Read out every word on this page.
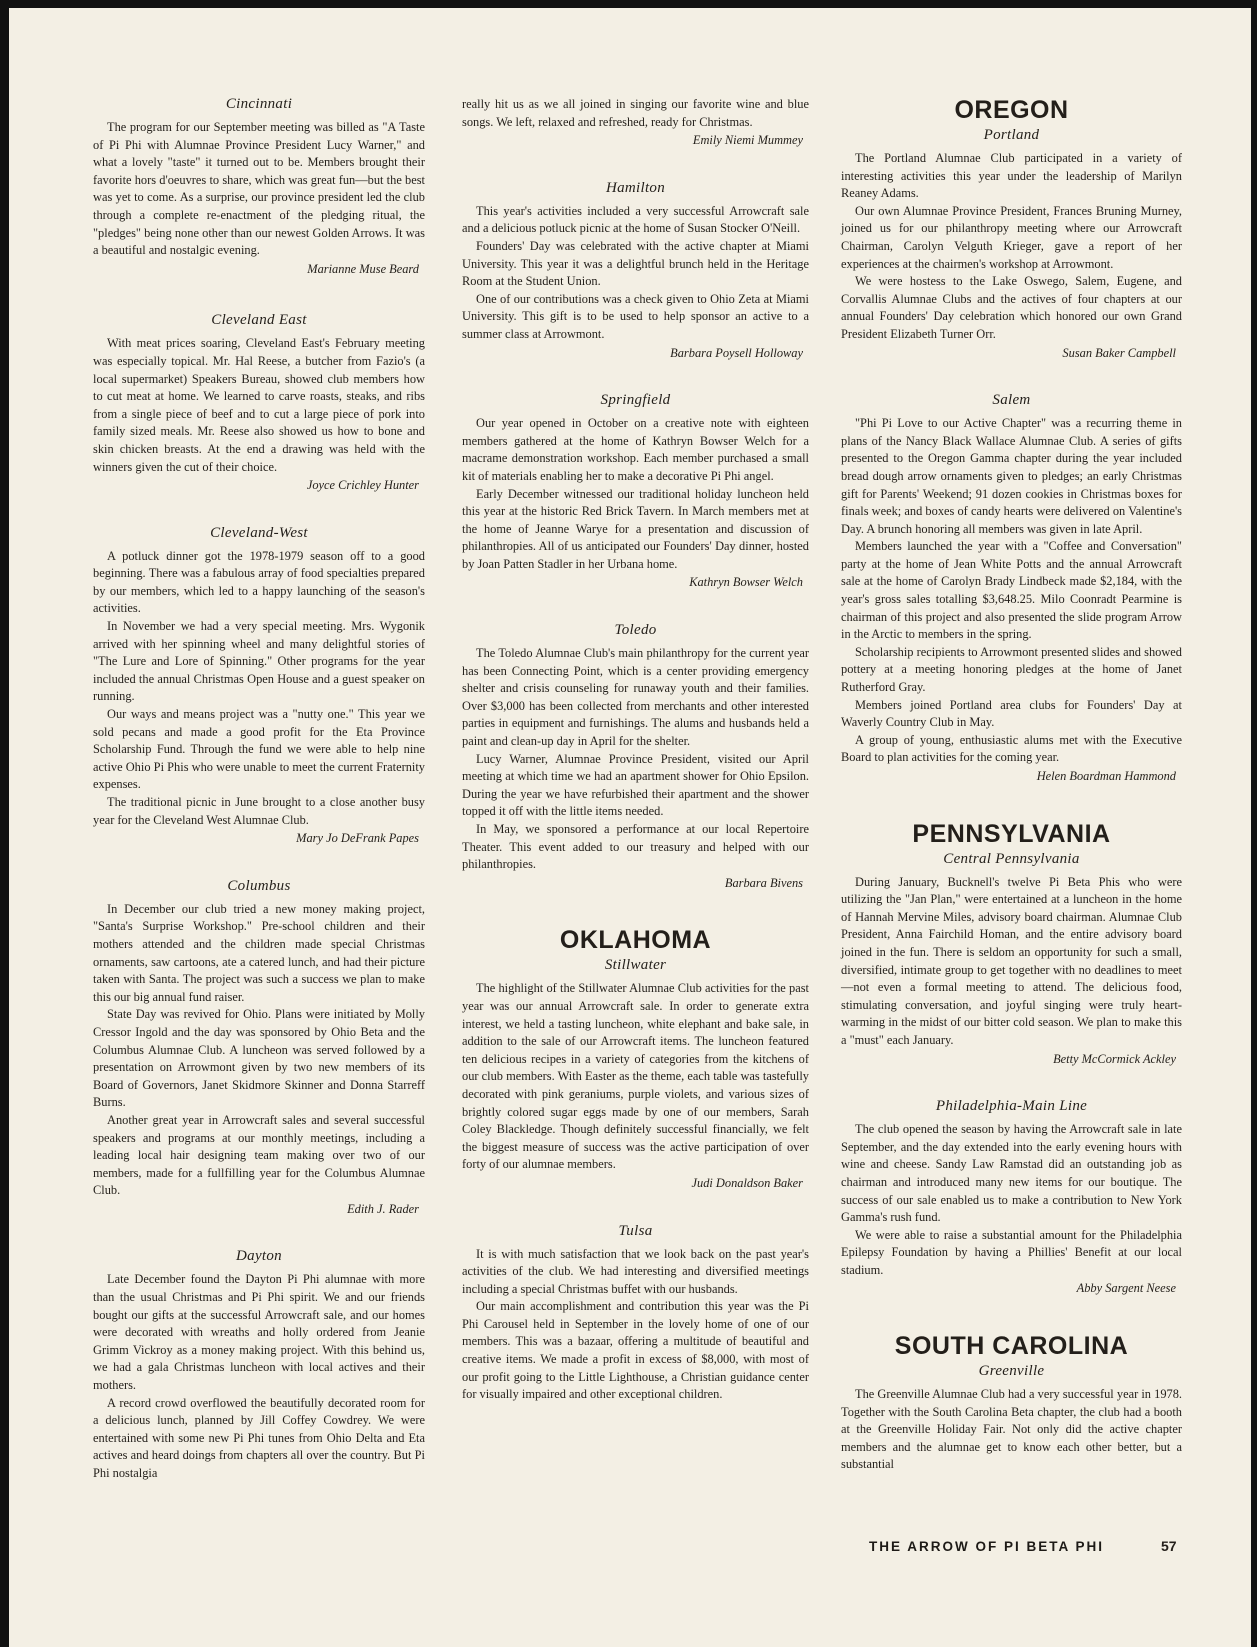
Cincinnati

The program for our September meeting was billed as "A Taste of Pi Phi with Alumnae Province President Lucy Warner," and what a lovely "taste" it turned out to be. Members brought their favorite hors d'oeuvres to share, which was great fun—but the best was yet to come. As a surprise, our province president led the club through a complete re-enactment of the pledging ritual, the "pledges" being none other than our newest Golden Arrows. It was a beautiful and nostalgic evening.

Marianne Muse Beard
Cleveland East

With meat prices soaring, Cleveland East's February meeting was especially topical. Mr. Hal Reese, a butcher from Fazio's (a local supermarket) Speakers Bureau, showed club members how to cut meat at home. We learned to carve roasts, steaks, and ribs from a single piece of beef and to cut a large piece of pork into family sized meals. Mr. Reese also showed us how to bone and skin chicken breasts. At the end a drawing was held with the winners given the cut of their choice.

Joyce Crichley Hunter
Cleveland-West

A potluck dinner got the 1978-1979 season off to a good beginning. There was a fabulous array of food specialties prepared by our members, which led to a happy launching of the season's activities.

In November we had a very special meeting. Mrs. Wygonik arrived with her spinning wheel and many delightful stories of "The Lure and Lore of Spinning." Other programs for the year included the annual Christmas Open House and a guest speaker on running.

Our ways and means project was a "nutty one." This year we sold pecans and made a good profit for the Eta Province Scholarship Fund. Through the fund we were able to help nine active Ohio Pi Phis who were unable to meet the current Fraternity expenses.

The traditional picnic in June brought to a close another busy year for the Cleveland West Alumnae Club.

Mary Jo DeFrank Papes
Columbus

In December our club tried a new money making project, "Santa's Surprise Workshop." Pre-school children and their mothers attended and the children made special Christmas ornaments, saw cartoons, ate a catered lunch, and had their picture taken with Santa. The project was such a success we plan to make this our big annual fund raiser.

State Day was revived for Ohio. Plans were initiated by Molly Cressor Ingold and the day was sponsored by Ohio Beta and the Columbus Alumnae Club. A luncheon was served followed by a presentation on Arrowmont given by two new members of its Board of Governors, Janet Skidmore Skinner and Donna Starreff Burns.

Another great year in Arrowcraft sales and several successful speakers and programs at our monthly meetings, including a leading local hair designing team making over two of our members, made for a fullfilling year for the Columbus Alumnae Club.

Edith J. Rader
Dayton

Late December found the Dayton Pi Phi alumnae with more than the usual Christmas and Pi Phi spirit. We and our friends bought our gifts at the successful Arrowcraft sale, and our homes were decorated with wreaths and holly ordered from Jeanie Grimm Vickroy as a money making project. With this behind us, we had a gala Christmas luncheon with local actives and their mothers.

A record crowd overflowed the beautifully decorated room for a delicious lunch, planned by Jill Coffey Cowdrey. We were entertained with some new Pi Phi tunes from Ohio Delta and Eta actives and heard doings from chapters all over the country. But Pi Phi nostalgia

really hit us as we all joined in singing our favorite wine and blue songs. We left, relaxed and refreshed, ready for Christmas.

Emily Niemi Mummey
Hamilton

This year's activities included a very successful Arrowcraft sale and a delicious potluck picnic at the home of Susan Stocker O'Neill.

Founders' Day was celebrated with the active chapter at Miami University. This year it was a delightful brunch held in the Heritage Room at the Student Union.

One of our contributions was a check given to Ohio Zeta at Miami University. This gift is to be used to help sponsor an active to a summer class at Arrowmont.

Barbara Poysell Holloway
Springfield

Our year opened in October on a creative note with eighteen members gathered at the home of Kathryn Bowser Welch for a macrame demonstration workshop. Each member purchased a small kit of materials enabling her to make a decorative Pi Phi angel.

Early December witnessed our traditional holiday luncheon held this year at the historic Red Brick Tavern. In March members met at the home of Jeanne Warye for a presentation and discussion of philanthropies. All of us anticipated our Founders' Day dinner, hosted by Joan Patten Stadler in her Urbana home.

Kathryn Bowser Welch
Toledo

The Toledo Alumnae Club's main philanthropy for the current year has been Connecting Point, which is a center providing emergency shelter and crisis counseling for runaway youth and their families. Over $3,000 has been collected from merchants and other interested parties in equipment and furnishings. The alums and husbands held a paint and clean-up day in April for the shelter.

Lucy Warner, Alumnae Province President, visited our April meeting at which time we had an apartment shower for Ohio Epsilon. During the year we have refurbished their apartment and the shower topped it off with the little items needed.

In May, we sponsored a performance at our local Repertoire Theater. This event added to our treasury and helped with our philanthropies.

Barbara Bivens
OKLAHOMA
Stillwater

The highlight of the Stillwater Alumnae Club activities for the past year was our annual Arrowcraft sale. In order to generate extra interest, we held a tasting luncheon, white elephant and bake sale, in addition to the sale of our Arrowcraft items. The luncheon featured ten delicious recipes in a variety of categories from the kitchens of our club members. With Easter as the theme, each table was tastefully decorated with pink geraniums, purple violets, and various sizes of brightly colored sugar eggs made by one of our members, Sarah Coley Blackledge. Though definitely successful financially, we felt the biggest measure of success was the active participation of over forty of our alumnae members.

Judi Donaldson Baker
Tulsa

It is with much satisfaction that we look back on the past year's activities of the club. We had interesting and diversified meetings including a special Christmas buffet with our husbands.

Our main accomplishment and contribution this year was the Pi Phi Carousel held in September in the lovely home of one of our members. This was a bazaar, offering a multitude of beautiful and creative items. We made a profit in excess of $8,000, with most of our profit going to the Little Lighthouse, a Christian guidance center for visually impaired and other exceptional children.

OREGON
Portland

The Portland Alumnae Club participated in a variety of interesting activities this year under the leadership of Marilyn Reaney Adams.

Our own Alumnae Province President, Frances Bruning Murney, joined us for our philanthropy meeting where our Arrowcraft Chairman, Carolyn Velguth Krieger, gave a report of her experiences at the chairmen's workshop at Arrowmont.

We were hostess to the Lake Oswego, Salem, Eugene, and Corvallis Alumnae Clubs and the actives of four chapters at our annual Founders' Day celebration which honored our own Grand President Elizabeth Turner Orr.

Susan Baker Campbell
Salem

"Phi Pi Love to our Active Chapter" was a recurring theme in plans of the Nancy Black Wallace Alumnae Club. A series of gifts presented to the Oregon Gamma chapter during the year included bread dough arrow ornaments given to pledges; an early Christmas gift for Parents' Weekend; 91 dozen cookies in Christmas boxes for finals week; and boxes of candy hearts were delivered on Valentine's Day. A brunch honoring all members was given in late April.

Members launched the year with a "Coffee and Conversation" party at the home of Jean White Potts and the annual Arrowcraft sale at the home of Carolyn Brady Lindbeck made $2,184, with the year's gross sales totalling $3,648.25. Milo Coonradt Pearmine is chairman of this project and also presented the slide program Arrow in the Arctic to members in the spring.

Scholarship recipients to Arrowmont presented slides and showed pottery at a meeting honoring pledges at the home of Janet Rutherford Gray.

Members joined Portland area clubs for Founders' Day at Waverly Country Club in May.

A group of young, enthusiastic alums met with the Executive Board to plan activities for the coming year.

Helen Boardman Hammond
PENNSYLVANIA
Central Pennsylvania

During January, Bucknell's twelve Pi Beta Phis who were utilizing the "Jan Plan," were entertained at a luncheon in the home of Hannah Mervine Miles, advisory board chairman. Alumnae Club President, Anna Fairchild Homan, and the entire advisory board joined in the fun. There is seldom an opportunity for such a small, diversified, intimate group to get together with no deadlines to meet—not even a formal meeting to attend. The delicious food, stimulating conversation, and joyful singing were truly heart-warming in the midst of our bitter cold season. We plan to make this a "must" each January.

Betty McCormick Ackley
Philadelphia-Main Line

The club opened the season by having the Arrowcraft sale in late September, and the day extended into the early evening hours with wine and cheese. Sandy Law Ramstad did an outstanding job as chairman and introduced many new items for our boutique. The success of our sale enabled us to make a contribution to New York Gamma's rush fund.

We were able to raise a substantial amount for the Philadelphia Epilepsy Foundation by having a Phillies' Benefit at our local stadium.

Abby Sargent Neese
SOUTH CAROLINA
Greenville

The Greenville Alumnae Club had a very successful year in 1978. Together with the South Carolina Beta chapter, the club had a booth at the Greenville Holiday Fair. Not only did the active chapter members and the alumnae get to know each other better, but a substantial

THE ARROW OF PI BETA PHI	57
